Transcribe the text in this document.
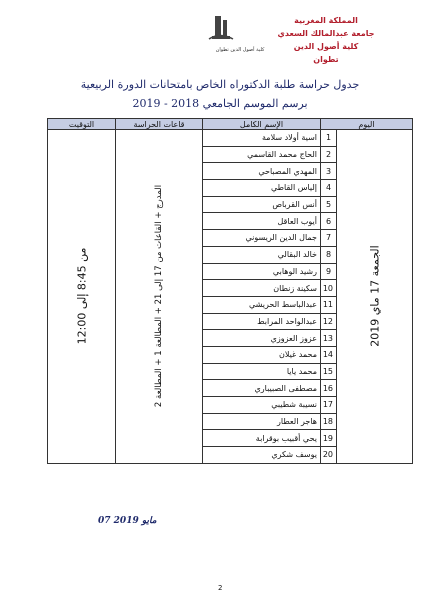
المملكة المغربية
جامعة عبدالمالك السعدي
كلية أصول الدين
تطوان
كلية أصول الدين تطوان
جدول حراسة طلبة الدكتوراه الخاص بامتحانات الدورة الربيعية
برسم الموسم الجامعي 2018 - 2019
اليوم		الإسم الكامل	قاعات الحراسة	التوقيت

الجمعة 17 ماي 2019	1	اسية أولاد سلامة	المدرج + القاعات من 17 إلى 21 + المطالعة 1 + المطالعة 2	من 8:45 إلى 12:00

	2	الحاج محمد القاسمي		
	3	المهدي المصباحي		
	4	إلياس القاطي		
	5	أنس القرباص		
	6	أيوب العاقل		
	7	جمال الدين الريسوني		
	8	خالد البقالي		
	9	رشيد الوهابي		
	10	سكينة زنطان		
	11	عبدالباسط الحريشي		
	12	عبدالواحد المرابط		
	13	عزوز العزوزي		
	14	محمد غيلان		
	15	محمد يايا		
	16	مصطفى الصبيباري		
	17	نسيبة شطيبي		
	18	هاجر العطار		
	19	يحي أقبيب بوقرابة		
	20	يوسف شكري		
07 مايو 2019
2
